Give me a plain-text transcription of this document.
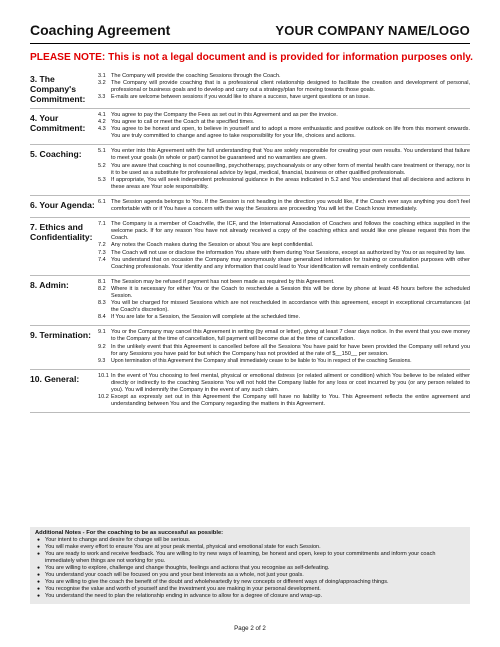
Coaching Agreement	YOUR COMPANY NAME/LOGO
PLEASE NOTE: This is not a legal document and is provided for information purposes only.
3. The Company's Commitment:
3.1 The Company will provide the coaching Sessions through the Coach.
3.2 The Company will provide coaching that is a professional client relationship designed to facilitate the creation and development of personal, professional or business goals and to develop and carry out a strategy/plan for moving towards those goals.
3.3	E-mails are welcome between sessions if you would like to share a success, have urgent questions or an issue.
4. Your Commitment:
4.1 You agree to pay the Company the Fees as set out in this Agreement and as per the invoice.
4.2 You agree to call or meet the Coach at the specified times.
4.3 You agree to be honest and open, to believe in yourself and to adopt a more enthusiastic and positive outlook on life from this moment onwards. You are truly committed to change and agree to take responsibility for your life, choices and actions.
5. Coaching:	5.1 You enter into this Agreement with the full understanding that You are solely responsible for creating your own results. You understand that failure to meet your goals (in whole or part) cannot be guaranteed and no warranties are given.
5.2 You are aware that coaching is not counselling, psychotherapy, psychoanalysis or any other form of mental health care treatment or therapy, nor is it to be used as a substitute for professional advice by legal, medical, financial, business or other qualified professionals.
5.3 If appropriate, You will seek independent professional guidance in the areas indicated in 5.2 and You understand that all decisions and actions in these areas are Your sole responsibility.
6. Your Agenda: 6.1 The Session agenda belongs to You. If the Session is not heading in the direction you would like, if the Coach ever says anything you don't feel comfortable with or if You have a concern with the way the Sessions are proceeding You will let the Coach know immediately.
7. Ethics and Confidentiality:
7.1 The Company is a member of Coachville, the ICF, and the International Association of Coaches and follows the coaching ethics supplied in the welcome pack. If for any reason You have not already received a copy of the coaching ethics and would like one please request this from the Coach.
7.2 Any notes the Coach makes during the Session or about You are kept confidential.
7.3 The Coach will not use or disclose the information You share with them during Your Sessions, except as authorized by You or as required by law.
7.4 You understand that on occasion the Company may anonymously share generalized information for training or consultation purposes with other Coaching professionals. Your identity and any information that could lead to Your identification will remain entirely confidential.
8. Admin:	8.1 The Session may be refused if payment has not been made as required by this Agreement.
8.2 Where it is necessary for either You or the Coach to reschedule a Session this will be done by phone at least 48 hours before the scheduled Session.
8.3 You will be charged for missed Sessions which are not rescheduled in accordance with this agreement, except in exceptional circumstances (at the Coach's discretion).
8.4 If You are late for a Session, the Session will complete at the scheduled time.
9. Termination:	9.1 You or the Company may cancel this Agreement in writing (by email or letter), giving at least 7 clear days notice. In the event that you owe money to the Company at the time of cancellation, full payment will become due at the time of cancellation.
9.2 In the unlikely event that this Agreement is cancelled before all the Sessions You have paid for have been provided the Company will refund you for any Sessions you have paid for but which the Company has not provided at the rate of $__150__ per session.
9.3	Upon termination of this Agreement the Company shall immediately cease to be liable to You in respect of the coaching Sessions.
10. General:	10.1 In the event of You choosing to feel mental, physical or emotional distress (or related ailment or condition) which You believe to be related either directly or indirectly to the coaching Sessions You will not hold the Company liable for any loss or cost incurred by you (or any person related to you). You will indemnify the Company in the event of any such claim.
10.2 Except as expressly set out in this Agreement the Company will have no liability to You. This Agreement reflects the entire agreement and understanding between You and the Company regarding the matters in this Agreement.
Additional Notes - For the coaching to be as successful as possible:
● Your intent to change and desire for change will be serious.
● You will make every effort to ensure You are at your peak mental, physical and emotional state for each Session.
● You are ready to work and receive feedback. You are willing to try new ways of learning, be honest and open, keep to your commitments and inform your coach immediately when things are not working for you.
● You are willing to explore, challenge and change thoughts, feelings and actions that you recognise as self-defeating.
● You understand your coach will be focused on you and your best interests as a whole, not just your goals.
● You are willing to give the coach the benefit of the doubt and wholeheartedly try new concepts or different ways of doing/approaching things.
● You recognise the value and worth of yourself and the investment you are making in your personal development.
● You understand the need to plan the relationship ending in advance to allow for a degree of closure and wrap-up.
Page 2 of 2
